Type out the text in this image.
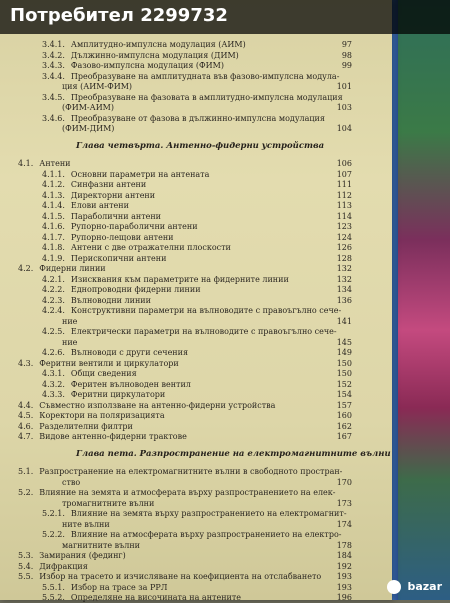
3.4.1. Амплитудно-импулсна модулация (АИМ)	97
3.4.2. Дължинно-импулсна модулация (ДИМ)	98
3.4.3. Фазово-импулсна модулация (ФИМ)	99
3.4.4. Преобразуване на амплитудната във фазово-импулсна модула-
ция (АИМ-ФИМ)	101
3.4.5. Преобразуване на фазовата в амплитудно-импулсна модулация
(ФИМ-АИМ)	103
3.4.6. Преобразуване от фазова в дължинно-импулсна модулация
(ФИМ-ДИМ)	104
Глава четвърта. Антенно-фидерни устройства
4.1. Антени	106
4.1.1. Основни параметри на антената	107
4.1.2. Синфазни антени	111
4.1.3. Директорни антени	112
4.1.4. Елови антени	113
4.1.5. Параболични антени	114
4.1.6. Рупорно-параболични антени	123
4.1.7. Рупорно-лещови антени	124
4.1.8. Антени с две отражателни плоскости	126
4.1.9. Перископични антени	128
4.2. Фидерни линии	132
4.2.1. Изисквания към параметрите на фидерните линии	132
4.2.2. Еднопроводни фидерни линии	134
4.2.3. Вълноводни линии	136
4.2.4. Конструктивни параметри на вълноводите с правоъгълно сече-
ние	141
4.2.5. Електрически параметри на вълноводите с правоъгълно сече-
ние	145
4.2.6. Вълноводи с други сечения	149
4.3. Феритни вентили и циркулатори	150
4.3.1. Общи сведения	150
4.3.2. Феритен вълноводен вентил	152
4.3.3. Феритни циркулатори	154
4.4. Съвместно използване на антенно-фидерни устройства	157
4.5. Коректори на поляризацията	160
4.6. Разделителни филтри	162
4.7. Видове антенно-фидерни трактове	167
Глава пета. Разпространение на електромагнитните вълни
5.1. Разпространение на електромагнитните вълни в свободното простран-
ство	170
5.2. Влияние на земята и атмосферата върху разпространението на елек-
тромагнитните вълни	173
5.2.1. Влияние на земята върху разпространението на електромагнит-
ните вълни	174
5.2.2. Влияние на атмосферата върху разпространението на електро-
магнитните вълни	178
5.3. Замирания (фединг)	184
5.4. Дифракция	192
5.5. Избор на трасето и изчисляване на коефициента на отслабването 193
5.5.1. Избор на трасе за РРЛ	193
5.5.2. Определяне на височината на антените	196
Потребител 2299732
bazar
